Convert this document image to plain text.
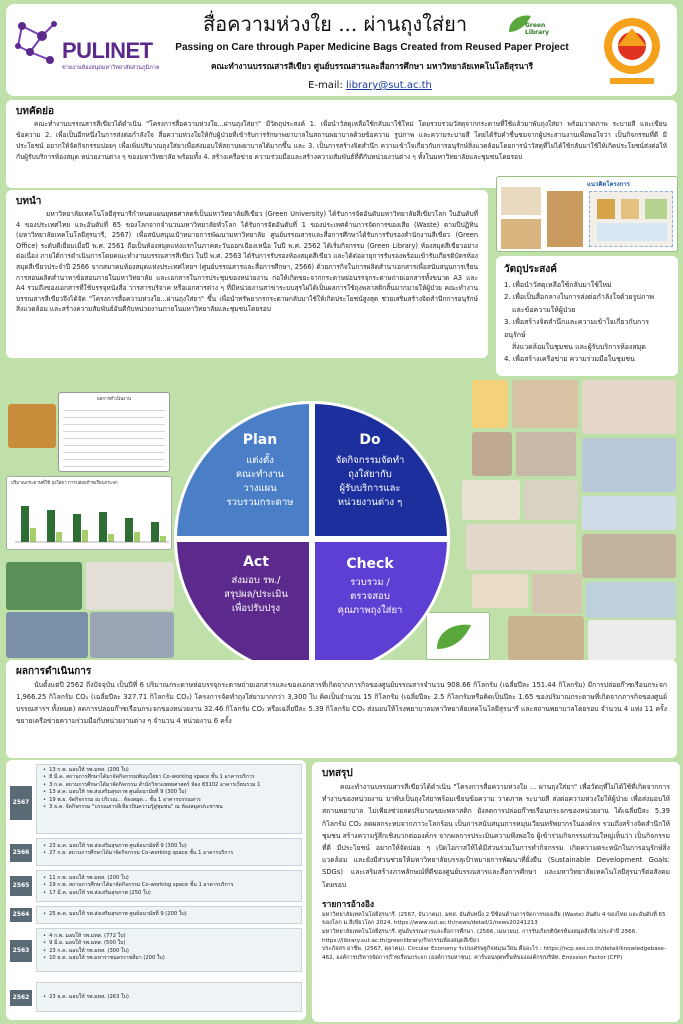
PULINET
ข่ายงานห้องสมุดมหาวิทยาลัยส่วนภูมิภาค
สื่อความห่วงใย ... ผ่านถุงใส่ยา
Passing on Care through Paper Medicine Bags Created from Reused Paper Project
คณะทำงานบรรณสารสีเขียว ศูนย์บรรณสารและสื่อการศึกษา มหาวิทยาลัยเทคโนโลยีสุรนารี
E-mail: library@sut.ac.th
Green Library
บทคัดย่อ
คณะทำงานบรรณสารสีเขียวได้ดำเนิน "โครงการสื่อความห่วงใย...ผ่านถุงใส่ยา" มีวัตถุประสงค์ 1. เพื่อนำวัสดุเหลือใช้กลับมาใช้ใหม่ โดยรวบรวมวัสดุจากกระดาษที่ใช้แล้วมาพับถุงใส่ยา พร้อมวาดภาพ ระบายสี และเขียนข้อความ 2. เพื่อเป็นอีกหนึ่งในการส่งต่อกำลังใจ สื่อความห่วงใยให้กับผู้ป่วยที่เข้ารับการรักษาพยาบาลในสถานพยาบาลด้วยข้อความ รูปภาพ และความระบายสี โดยได้รับคำชื่นชมจากผู้ประสานงานเพื่อพอใจว่า เป็นกิจกรรมที่ดี มีประโยชน์ อยากให้จัดกิจกรรมบ่อยๆ เพื่อเพิ่มปริมาณถุงใส่ยาเพื่อส่งมอบให้สถานพยาบาลได้มากขึ้น และ 3. เป็นการสร้างจิตสำนึก ความเข้าใจเกี่ยวกับการอนุรักษ์สิ่งแวดล้อมโดยการนำวัสดุที่ไม่ได้ใช้กลับมาใช้ให้เกิดประโยชน์ส่งต่อให้กับผู้รับบริการห้องสมุด หน่วยงานต่าง ๆ ของมหาวิทยาลัย พร้อมทั้ง 4. สร้างเครือข่าย ความร่วมมือและสร้างความสัมพันธ์ที่ดีกับหน่วยงานต่าง ๆ ทั้งในมหาวิทยาลัยและชุมชนโดยรอบ
บทนำ
มหาวิทยาลัยเทคโนโลยีสุรนารีกำหนดแผนยุทธศาสตร์เป็นมหาวิทยาลัยสีเขียว (Green University) ได้รับการจัดอันดับมหาวิทยาลัยสีเขียวโลก ในอันดับที่ 4 ของประเทศไทย และอันดับที่ 65 ของโลกจากจำนวนมหาวิทยาลัยทั่วโลก ได้รับการจัดอันดับที่ 1 ของประเทศด้านการจัดการของเสีย (Waste) ตามปีปฏิทิน (มหาวิทยาลัยเทคโนโลยีสุรนารี, 2567) เพื่อสนับสนุนเป้าหมายการพัฒนามหาวิทยาลัย ศูนย์บรรณสารและสื่อการศึกษาได้รับการรับรองสำนักงานสีเขียว (Green Office) ระดับดีเยี่ยมเมื่อปี พ.ศ. 2561 ถือเป็นห้องสมุดแห่งแรกในภาคตะวันออกเฉียงเหนือ ในปี พ.ศ. 2562 ได้เริ่มกิจกรรม (Green Library) ห้องสมุดสีเขียวอย่างต่อเนื่อง ภายใต้การดำเนินการโดยคณะทำงานบรรณสารสีเขียว ในปี พ.ศ. 2563 ได้รับการรับรองห้องสมุดสีเขียว และได้ต่ออายุการรับรองพร้อมเข้ารับเกียรติบัตรห้องสมุดสีเขียวประจำปี 2566 จากสมาคมห้องสมุดแห่งประเทศไทยฯ (ศูนย์บรรณสารและสื่อการศึกษา, 2566) ด้วยภารกิจในการผลิตสำนาเอกสารเพื่อสนับสนุนการเรียนการสอนผลิตสำนาหาข้อสอบภายในมหาวิทยาลัย และเอกสารในการประชุมของหน่วยงาน ก่อให้เกิดขยะจากกระดาษย่อนรรจุกระดาษถ่ายเอกสารทั้งขนาด A3 และ A4 รวมถึงของเอกสารที่ใช้บรรจุหนังสือ วารสารบริจาค หรือเอกสารต่าง ๆ ที่มีหน่วยงานสาขาระบบสุรไผ่ได้เป็นผลการใช้ถุงพลาสติกสิ้นมากมายให้ผู้ป่วย คณะทำงานบรรณสารสีเขียวจึงได้จัด "โครงการสื่อความห่วงใย...ผ่านถุงใส่ยา" ขึ้น เพื่อนำทรัพยากรกระดาษกลับมาใช้ให้เกิดประโยชน์สูงสุด ช่วยเสริมสร้างจิตสำนึกการอนุรักษ์สิ่งแวดล้อม และสร้างความสัมพันธ์อันดีกับหน่วยงานภายในมหาวิทยาลัยและชุมชนโดยรอบ
แนวคิดโครงการ
วัตถุประสงค์
1. เพื่อนำวัสดุเหลือใช้กลับมาใช้ใหม่
2. เพื่อเป็นสื่อกลางในการส่งต่อกำลังใจด้วยรูปภาพ
และข้อความให้ผู้ป่วย
3. เพื่อสร้างจิตสำนึกและความเข้าใจเกี่ยวกับการอนุรักษ์
สิ่งแวดล้อมในชุมชน และผู้รับบริการห้องสมุด
4. เพื่อสร้างเครือข่าย ความร่วมมือในชุมชน
ผลการดำเนินงาน
ปริมาณกระดาษที่ใช้ ถุงใส่ยา การปล่อยก๊าซเรือนกระจก
Plan
แต่งตั้ง
คณะทำงาน
วางแผน
รวบรวมกระดาษ
Do
จัดกิจกรรมจัดทำ
ถุงใส่ยากับ
ผู้รับบริการและ
หน่วยงานต่าง ๆ
Act
ส่งมอบ รพ./
สรุปผล/ประเมิน
เพื่อปรับปรุง
Check
รวบรวม /
ตรวจสอบ
คุณภาพถุงใส่ยา
ผลการดำเนินการ
นับตั้งแต่ปี 2562 ถึงปัจจุบัน เป็นปีที่ 6 ปริมาณกระดาษห่อบรรจุกระดาษถ่ายเอกสารและของเอกสารที่เกิดจากภารกิจของศูนย์บรรณสารจำนวน 908.66 กิโลกรัม (เฉลี่ยปีละ 151.44 กิโลกรัม) มีการปล่อยก๊าซเรือนกระจก 1,966.25 กิโลกรัม CO₂ (เฉลี่ยปีละ 327.71 กิโลกรัม CO₂) โครงการจัดทำถุงใส่ยามากกว่า 3,300 ใบ คิดเป็นจำนวน 15 กิโลกรัม (เฉลี่ยปีละ 2.5 กิโลกรัมหรือคิดเป็นปีละ 1.65 ของปริมาณกระดาษที่เกิดจากภารกิจของศูนย์บรรณสารฯ ทั้งหมด) ลดการปล่อยก๊าซเรือนกระจกของหน่วยงาน 32.46 กิโลกรัม CO₂ หรือเฉลี่ยปีละ 5.39 กิโลกรัม CO₂ ส่งมอบให้โรงพยาบาลมหาวิทยาลัยเทคโนโลยีสุรนารี และสถานพยาบาลโดยรอบ จำนวน 4 แห่ง 11 ครั้ง ขยายเครือข่ายความร่วมมือกับหน่วยงานต่าง ๆ จำนวน 4 หน่วยงาน 6 ครั้ง
2567
• 13 ก.พ. มอบให้ รพ.มทส. (200 ใบ)
• 8 มี.ค. สถานการศึกษาได้มาจัดกิจกรรมพับถุงใส่ยา Co-working space ชั้น 1 อาคารบริการ
• 3 ก.ค. สถานการศึกษาได้มาจัดกิจกรรม สำนักวิชาแพทยศาสตร์ ห้อง 83102 อาคารเรียนรวม 1
• 13 ส.ค. มอบให้ รพ.ส่งเสริมสุขภาพ ศูนย์อนามัยที่ 9 (300 ใบ)
• 19 พ.ย. จัดกิจกรรม ณ บริเวณ... ห้องสมุด... ชั้น 1 อาคารบรรณสาร
• 3 ธ.ค. จัดกิจกรรม "บรรณสารสีเขียวปันความรู้สู่ชุมชน" ณ ห้องสมุดประชาชน
2566
• 23 ม.ค. มอบให้ รพ.ส่งเสริมสุขภาพ ศูนย์อนามัยที่ 9 (300 ใบ)
• 27 ก.ย. สถานการศึกษาได้มาจัดกิจกรรม Co-working space ชั้น 1 อาคารบริการ
2565
• 11 ก.พ. มอบให้ รพ.มทส. (200 ใบ)
• 19 ก.พ. สถานการศึกษาได้มาจัดกิจกรรม Co-working space ชั้น 1 อาคารบริการ
• 17 มี.ค. มอบให้ รพ.ส่งเสริมสุขภาพ (250 ใบ)
2564	• 25 ต.ค. มอบให้ รพ.ส่งเสริมสุขภาพ ศูนย์อนามัยที่ 9 (200 ใบ)
2563
• 4 ก.พ. มอบให้ รพ.มทส. (772 ใบ)
• 9 มี.ย. มอบให้ รพ.มทส. (500 ใบ)
• 23 ก.ค. มอบให้ รพ.มทส. (300 ใบ)
• 10 ธ.ค. มอบให้ รพ.มหาราชนครราชสีมา (200 ใบ)
2562	• 23 ธ.ค. มอบให้ รพ.มทส. (263 ใบ)
บทสรุป
คณะทำงานบรรณสารสีเขียวได้ดำเนิน "โครงการสื่อความห่วงใย ... ผ่านถุงใส่ยา" เพื่อวัตถุที่ไม่ได้ใช้ที่เกิดจากการทำงานของหน่วยงาน มาพับเป็นถุงใส่ยาพร้อมเขียนข้อความ วาดภาพ ระบายสี ส่งต่อความห่วงใยให้ผู้ป่วย เพื่อส่งมอบให้สถานพยาบาล ไม่เพียงช่วยลดปริมาณขยะพลาสติก ยังลดการปล่อยก๊าซเรือนกระจกของหน่วยงาน ได้เฉลี่ยปีละ 5.39 กิโลกรัม CO₂ ลดผลกระทบจากภาวะโลกร้อน เป็นการสนับสนุนการหมุนเวียนทรัพยากรในองค์กร รวมถึงสร้างจิตสำนึกให้ชุมชน สร้างความรู้สึกเชิงบวกต่อองค์กร จากผลการประเมินความพึงพอใจ ผู้เข้าร่วมกิจกรรมส่วนใหญ่เห็นว่า เป็นกิจกรรมที่ดี มีประโยชน์ อยากให้จัดบ่อย ๆ เปิดโอกาสให้ได้มีส่วนร่วมในการทำกิจกรรม เกิดความตระหนักในการอนุรักษ์สิ่งแวดล้อม และยังมีส่วนช่วยให้มหาวิทยาลัยบรรลุเป้าหมายการพัฒนาที่ยั่งยืน (Sustainable Development Goals: SDGs) และเสริมสร้างภาพลักษณ์ที่ดีของศูนย์บรรณสารและสื่อการศึกษา และมหาวิทยาลัยเทคโนโลยีสุรนารีต่อสังคมโดยรอบ
รายการอ้างอิง
มหาวิทยาลัยเทคโนโลยีสุรนารี. (2567, ธันวาคม). มทส. อันดับหนึ่ง 2 ปีซ้อนด้านการจัดการของเสีย (Waste) อันดับ 4 ของไทย และอันดับที่ 65 ของโลก ม.สีเขียวโลก 2024. https://www.sut.ac.th/news/detail/1/news20241213
มหาวิทยาลัยเทคโนโลยีสุรนารี. ศูนย์บรรณสารและสื่อการศึกษา. (2566, เมษายน). การรับเกียรติบัตรห้องสมุดสีเขียวประจำปี 2566. https://library.sut.ac.th/greenlibrary/กิจกรรมห้องสมุดสีเขียว
ประภัสสร อาชีพ. (2567, ตุลาคม). Circular Economy ระบบเศรษฐกิจหมุนเวียน คืออะไร : https://ncp.seo.co.th/detail/knowledgebase-462, องค์การบริหารจัดการก๊าซเรือนกระจก (องค์การมหาชน). คาร์บอนฟุตพริ้นท์ขององค์กร/บริษัท. Emission Factor (CFP)
